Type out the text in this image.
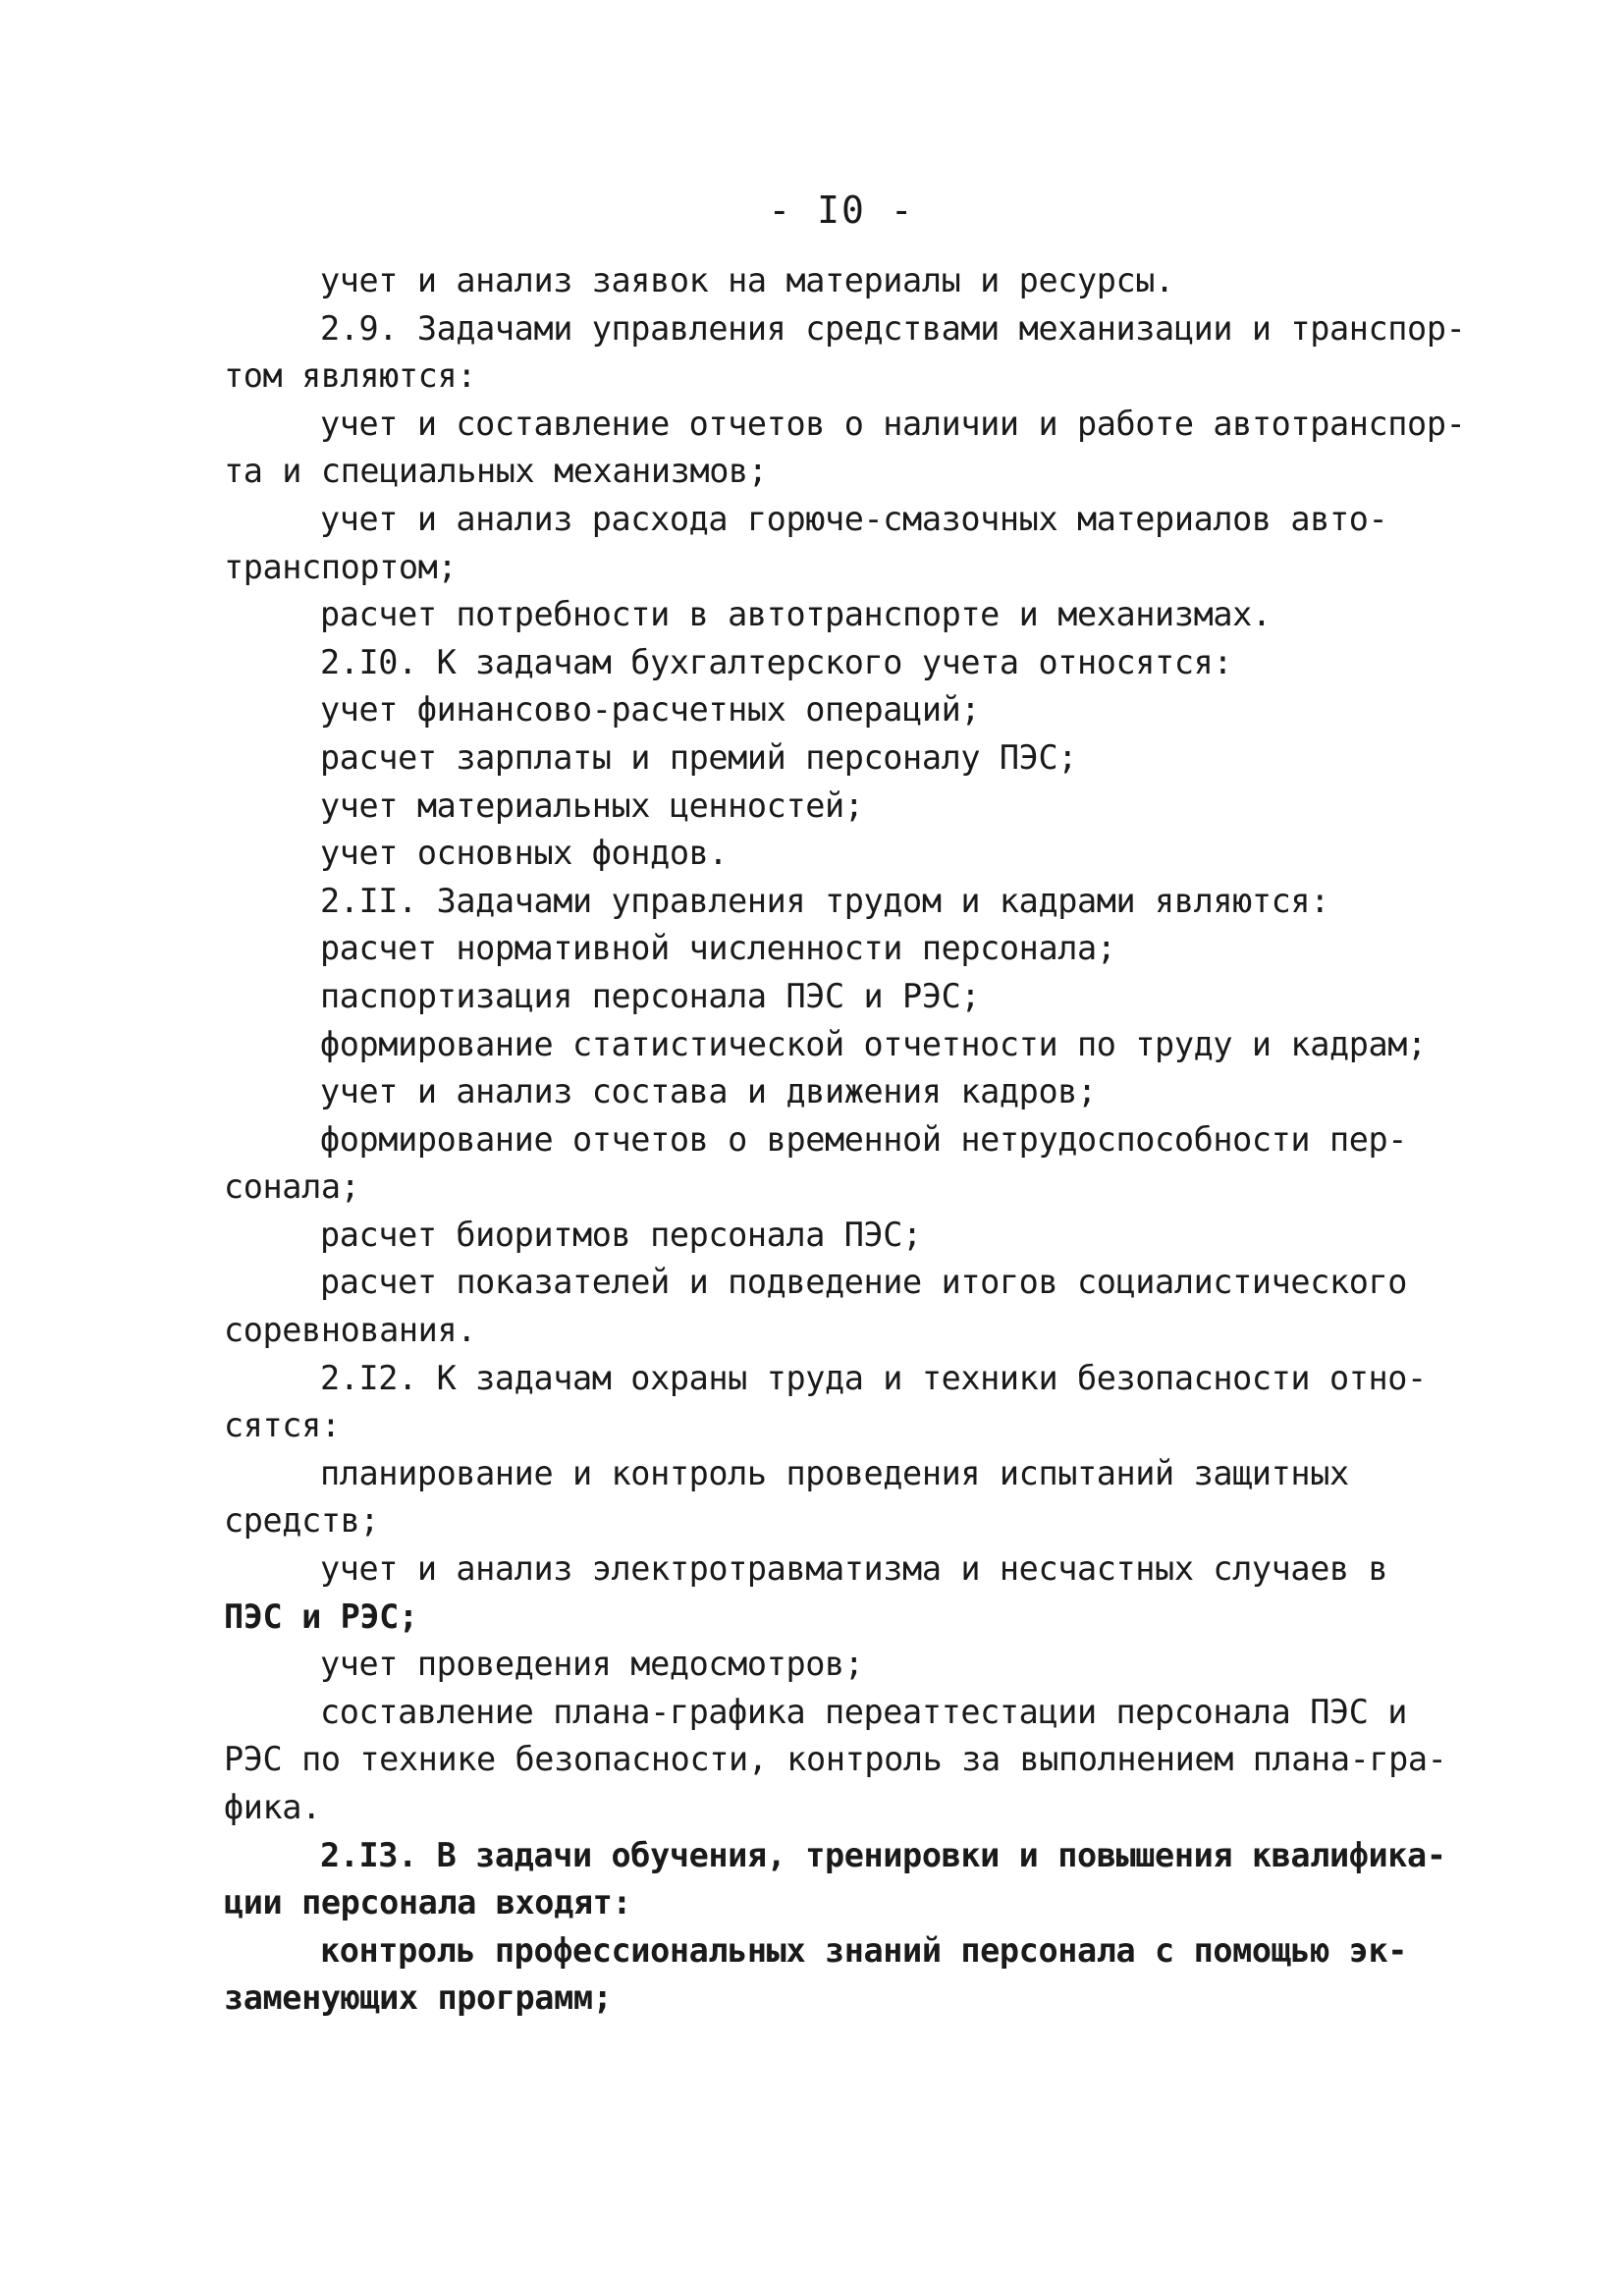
- I0 -
учет и анализ заявок на материалы и ресурсы.
2.9. Задачами управления средствами механизации и транспор-
том являются:
учет и составление отчетов о наличии и работе автотранспор-
та и специальных механизмов;
учет и анализ расхода горюче-смазочных материалов авто-
транспортом;
расчет потребности в автотранспорте и механизмах.
2.I0. К задачам бухгалтерского учета относятся:
учет финансово-расчетных операций;
расчет зарплаты и премий персоналу ПЭС;
учет материальных ценностей;
учет основных фондов.
2.II. Задачами управления трудом и кадрами являются:
расчет нормативной численности персонала;
паспортизация персонала ПЭС и РЭС;
формирование статистической отчетности по труду и кадрам;
учет и анализ состава и движения кадров;
формирование отчетов о временной нетрудоспособности пер-
сонала;
расчет биоритмов персонала ПЭС;
расчет показателей и подведение итогов социалистического
соревнования.
2.I2. К задачам охраны труда и техники безопасности отно-
сятся:
планирование и контроль проведения испытаний защитных
средств;
учет и анализ электротравматизма и несчастных случаев в
ПЭС и РЭС;
учет проведения медосмотров;
составление плана-графика переаттестации персонала ПЭС и
РЭС по технике безопасности, контроль за выполнением плана-гра-
фика.
2.I3. В задачи обучения, тренировки и повышения квалифика-
ции персонала входят:
контроль профессиональных знаний персонала с помощью эк-
заменующих программ;
